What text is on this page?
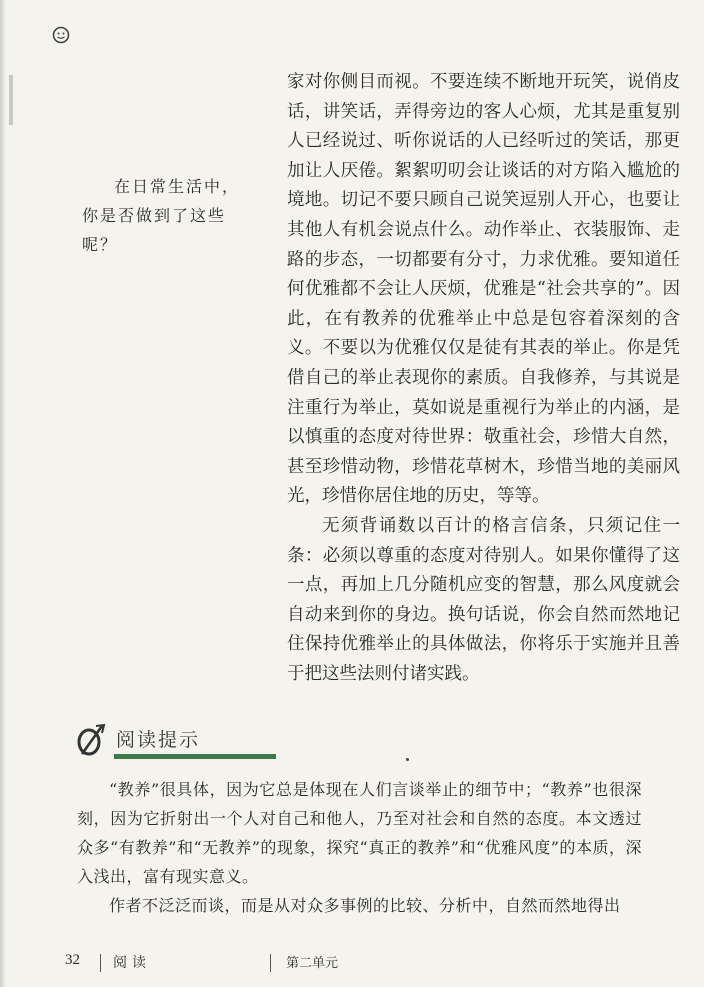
在日常生活中，

你是否做到了这些

呢？

家对你侧目而视。不要连续不断地开玩笑，说俏皮话，讲笑话，弄得旁边的客人心烦，尤其是重复别人已经说过、听你说话的人已经听过的笑话，那更加让人厌倦。絮絮叨叨会让谈话的对方陷入尴尬的境地。切记不要只顾自己说笑逗别人开心，也要让其他人有机会说点什么。动作举止、衣装服饰、走路的步态，一切都要有分寸，力求优雅。要知道任何优雅都不会让人厌烦，优雅是“社会共享的”。因此，在有教养的优雅举止中总是包容着深刻的含义。不要以为优雅仅仅是徒有其表的举止。你是凭借自己的举止表现你的素质。自我修养，与其说是注重行为举止，莫如说是重视行为举止的内涵，是以慎重的态度对待世界：敬重社会，珍惜大自然，甚至珍惜动物，珍惜花草树木，珍惜当地的美丽风光，珍惜你居住地的历史，等等。

无须背诵数以百计的格言信条，只须记住一条：必须以尊重的态度对待别人。如果你懂得了这一点，再加上几分随机应变的智慧，那么风度就会自动来到你的身边。换句话说，你会自然而然地记住保持优雅举止的具体做法，你将乐于实施并且善于把这些法则付诸实践。

阅读提示

“教养”很具体，因为它总是体现在人们言谈举止的细节中；“教养”也很深刻，因为它折射出一个人对自己和他人，乃至对社会和自然的态度。本文透过众多“有教养”和“无教养”的现象，探究“真正的教养”和“优雅风度”的本质，深入浅出，富有现实意义。

作者不泛泛而谈，而是从对众多事例的比较、分析中，自然而然地得出

32 阅读	第二单元
